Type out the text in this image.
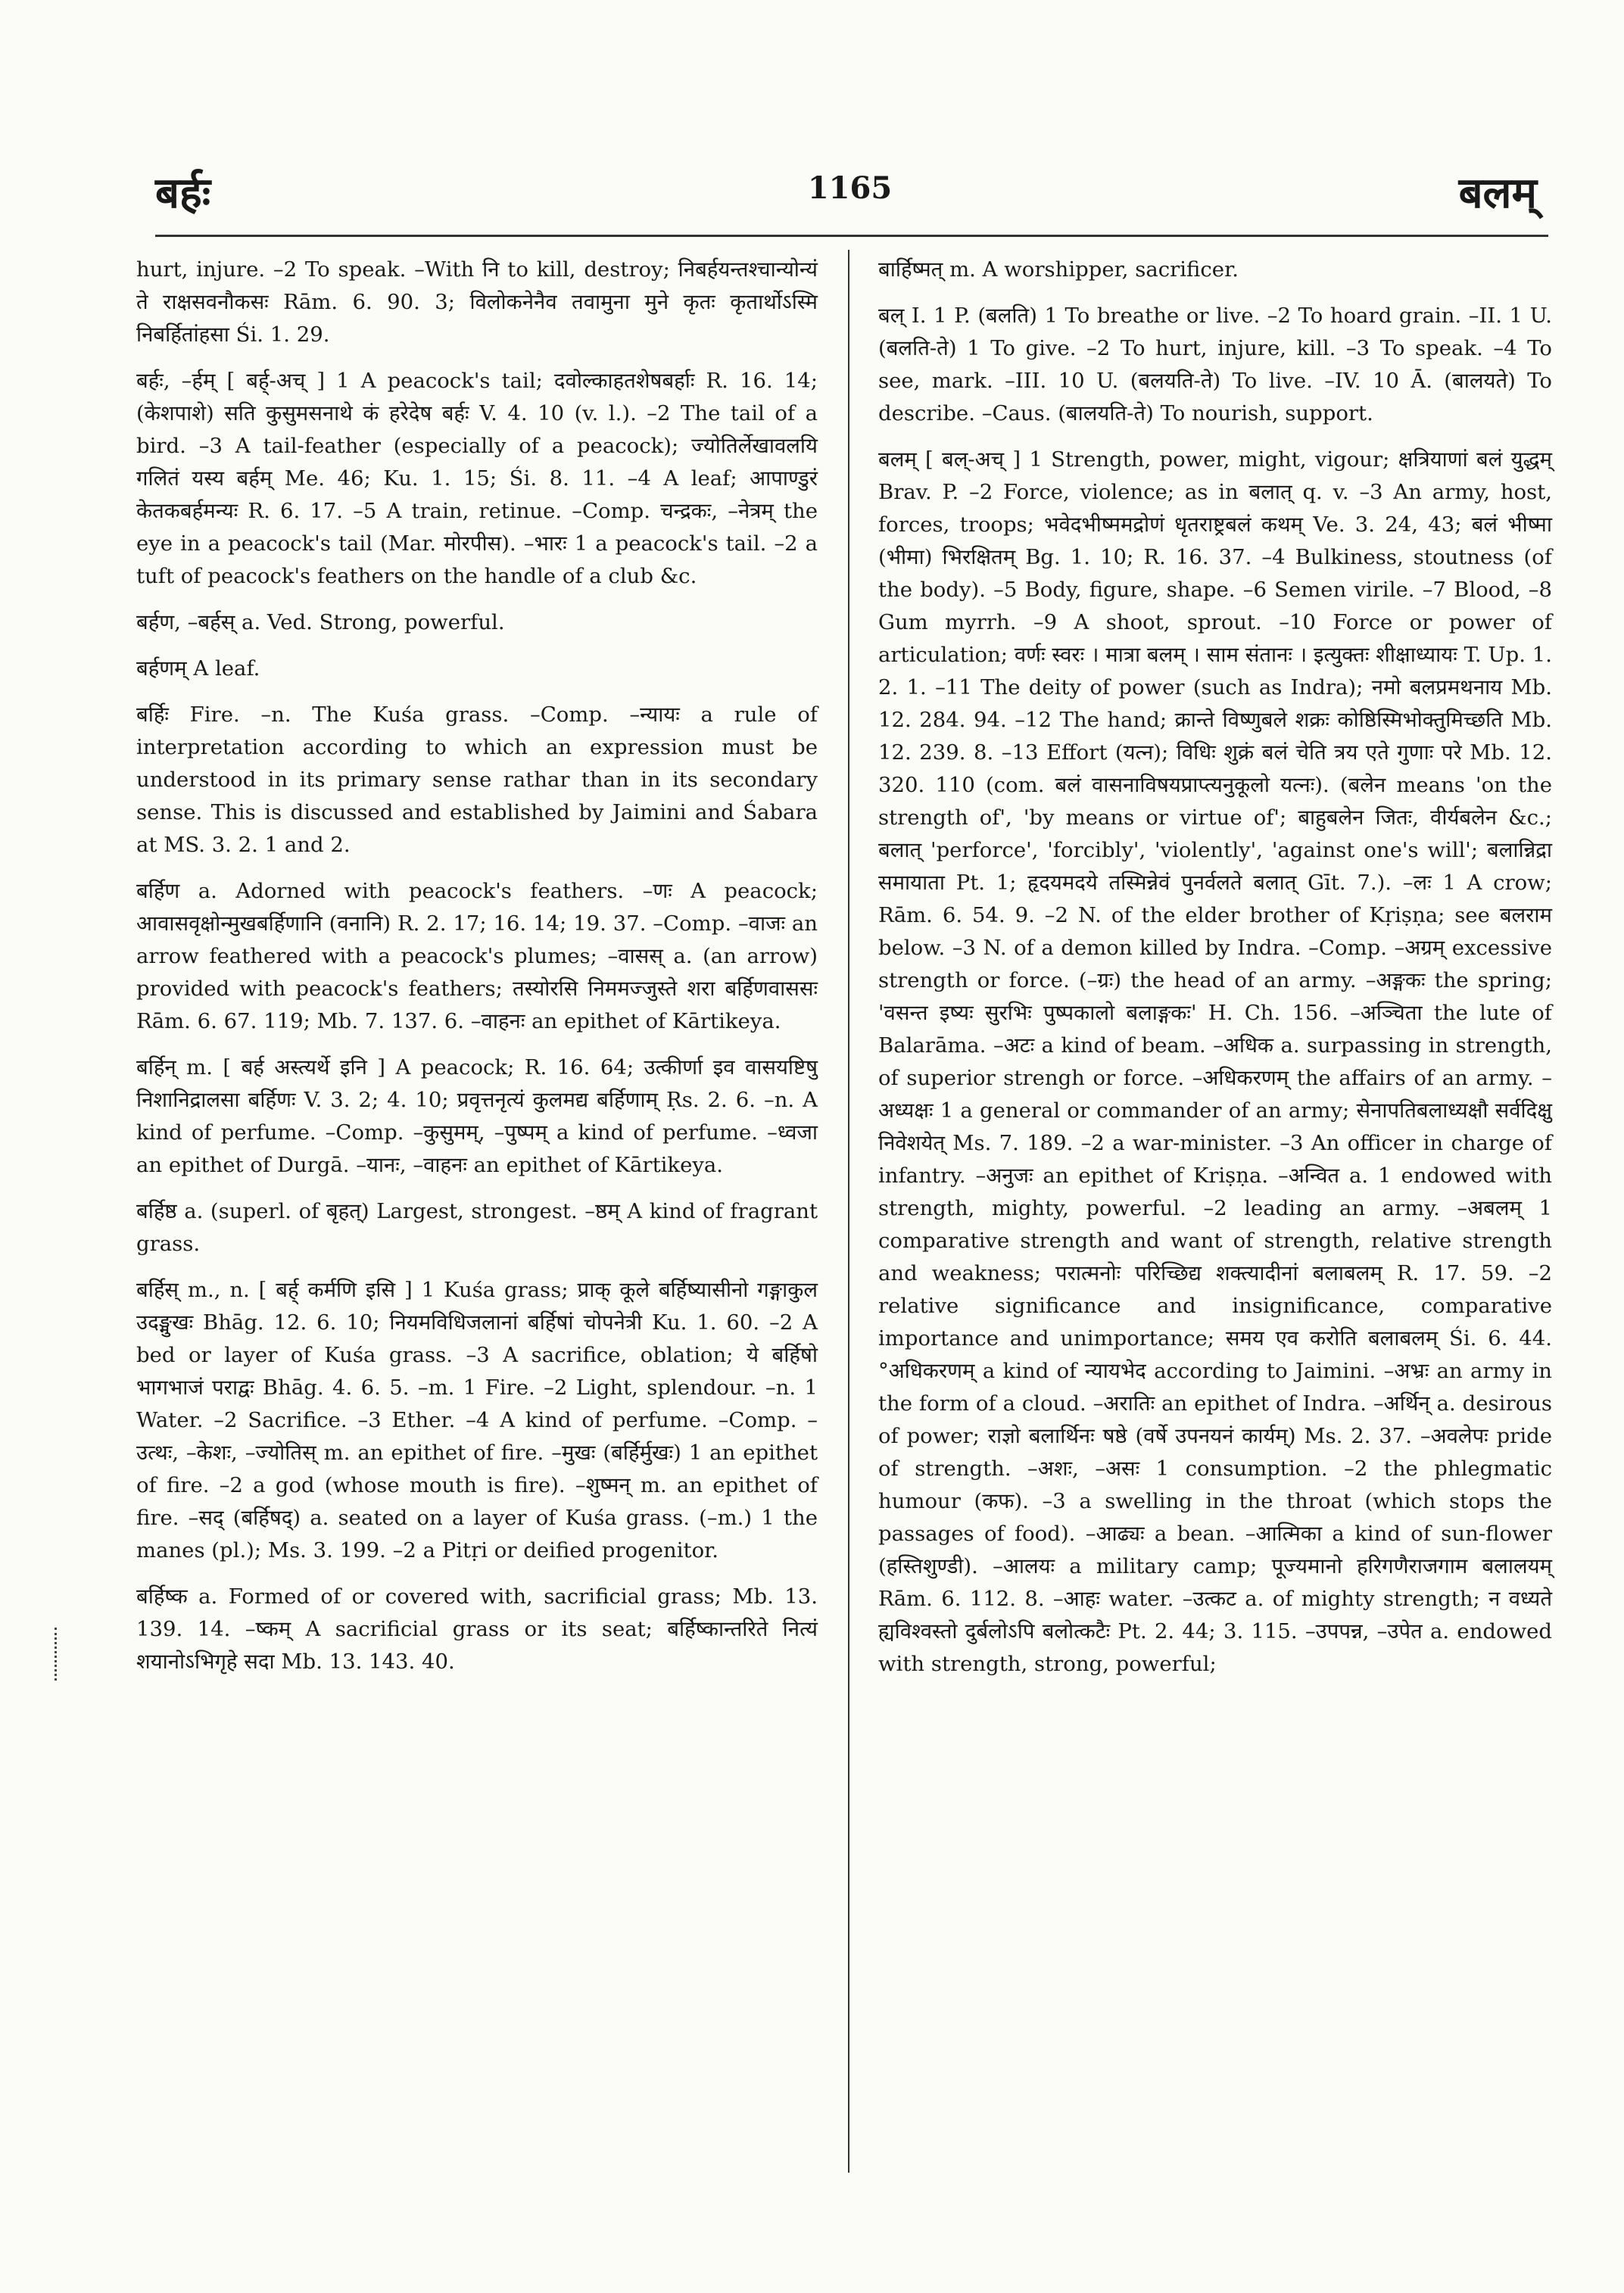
बर्हः	1165	बलम्

hurt, injure. –2 To speak. –With नि to kill, destroy; निबर्हयन्तश्चान्योन्यं ते राक्षसवनौकसः Rām. 6. 90. 3; विलोकनेनैव तवामुना मुने कृतः कृतार्थोऽस्मि निबर्हितांहसा Śi. 1. 29.

बर्हः, –र्हम् [ बर्ह्-अच् ] 1 A peacock's tail; दवोल्काहतशेषबर्हाः R. 16. 14; (केशपाशे) सति कुसुमसनाथे कं हरेदेष बर्हः V. 4. 10 (v. l.). –2 The tail of a bird. –3 A tail-feather (especially of a peacock); ज्योतिर्लेखावलयि गलितं यस्य बर्हम् Me. 46; Ku. 1. 15; Śi. 8. 11. –4 A leaf; आपाण्डुरं केतकबर्हमन्यः R. 6. 17. –5 A train, retinue. –Comp. चन्द्रकः, –नेत्रम् the eye in a peacock's tail (Mar. मोरपीस). –भारः 1 a peacock's tail. –2 a tuft of peacock's feathers on the handle of a club &c.

बर्हण, –बर्हस् a. Ved. Strong, powerful.

बर्हणम् A leaf.

बर्हिः Fire. –n. The Kuśa grass. –Comp. –न्यायः a rule of interpretation according to which an expression must be understood in its primary sense rathar than in its secondary sense. This is discussed and established by Jaimini and Śabara at MS. 3. 2. 1 and 2.

बर्हिण a. Adorned with peacock's feathers. –णः A peacock; आवासवृक्षोन्मुखबर्हिणानि (वनानि) R. 2. 17; 16. 14; 19. 37. –Comp. –वाजः an arrow feathered with a peacock's plumes; –वासस् a. (an arrow) provided with peacock's feathers; तस्योरसि निममज्जुस्ते शरा बर्हिणवाससः Rām. 6. 67. 119; Mb. 7. 137. 6. –वाहनः an epithet of Kārtikeya.

बर्हिन् m. [ बर्ह अस्त्यर्थे इनि ] A peacock; R. 16. 64; उत्कीर्णा इव वासयष्टिषु निशानिद्रालसा बर्हिणः V. 3. 2; 4. 10; प्रवृत्तनृत्यं कुलमद्य बर्हिणाम् Ṛs. 2. 6. –n. A kind of perfume. –Comp. –कुसुमम्, –पुष्पम् a kind of perfume. –ध्वजा an epithet of Durgā. –यानः, –वाहनः an epithet of Kārtikeya.

बर्हिष्ठ a. (superl. of बृहत्) Largest, strongest. –ष्ठम् A kind of fragrant grass.

बर्हिस् m., n. [ बर्ह् कर्मणि इसि ] 1 Kuśa grass; प्राक् कूले बर्हिष्यासीनो गङ्गाकुल उदङ्मुखः Bhāg. 12. 6. 10; नियमविधिजलानां बर्हिषां चोपनेत्री Ku. 1. 60. –2 A bed or layer of Kuśa grass. –3 A sacrifice, oblation; ये बर्हिषो भागभाजं पराद्वः Bhāg. 4. 6. 5. –m. 1 Fire. –2 Light, splendour. –n. 1 Water. –2 Sacrifice. –3 Ether. –4 A kind of perfume. –Comp. –उत्थः, –केशः, –ज्योतिस् m. an epithet of fire. –मुखः (बर्हिर्मुखः) 1 an epithet of fire. –2 a god (whose mouth is fire). –शुष्मन् m. an epithet of fire. –सद् (बर्हिषद्) a. seated on a layer of Kuśa grass. (–m.) 1 the manes (pl.); Ms. 3. 199. –2 a Pitṛi or deified progenitor.

बर्हिष्क a. Formed of or covered with, sacrificial grass; Mb. 13. 139. 14. –ष्कम् A sacrificial grass or its seat; बर्हिष्कान्तरिते नित्यं शयानोऽभिगृहे सदा Mb. 13. 143. 40.

बार्हिष्मत् m. A worshipper, sacrificer.

बल् I. 1 P. (बलति) 1 To breathe or live. –2 To hoard grain. –II. 1 U. (बलति-ते) 1 To give. –2 To hurt, injure, kill. –3 To speak. –4 To see, mark. –III. 10 U. (बलयति-ते) To live. –IV. 10 Ā. (बालयते) To describe. –Caus. (बालयति-ते) To nourish, support.

बलम् [ बल्-अच् ] 1 Strength, power, might, vigour; क्षत्रियाणां बलं युद्धम् Brav. P. –2 Force, violence; as in बलात् q. v. –3 An army, host, forces, troops; भवेदभीष्ममद्रोणं धृतराष्ट्रबलं कथम् Ve. 3. 24, 43; बलं भीष्मा (भीमा) भिरक्षितम् Bg. 1. 10; R. 16. 37. –4 Bulkiness, stoutness (of the body). –5 Body, figure, shape. –6 Semen virile. –7 Blood, –8 Gum myrrh. –9 A shoot, sprout. –10 Force or power of articulation; वर्णः स्वरः । मात्रा बलम् । साम संतानः । इत्युक्तः शीक्षाध्यायः T. Up. 1. 2. 1. –11 The deity of power (such as Indra); नमो बलप्रमथनाय Mb. 12. 284. 94. –12 The hand; क्रान्ते विष्णुबले शक्रः कोष्ठिस्मिभोक्तुमिच्छति Mb. 12. 239. 8. –13 Effort (यत्न); विधिः शुक्रं बलं चेति त्रय एते गुणाः परे Mb. 12. 320. 110 (com. बलं वासनाविषयप्राप्त्यनुकूलो यत्नः). (बलेन means 'on the strength of', 'by means or virtue of'; बाहुबलेन जितः, वीर्यबलेन &c.; बलात् 'perforce', 'forcibly', 'violently', 'against one's will'; बलान्निद्रा समायाता Pt. 1; हृदयमदये तस्मिन्नेवं पुनर्वलते बलात् Gīt. 7.). –लः 1 A crow; Rām. 6. 54. 9. –2 N. of the elder brother of Kṛiṣṇa; see बलराम below. –3 N. of a demon killed by Indra. –Comp. –अग्रम् excessive strength or force. (–ग्रः) the head of an army. –अङ्गकः the spring; 'वसन्त इष्यः सुरभिः पुष्पकालो बलाङ्गकः' H. Ch. 156. –अञ्चिता the lute of Balarāma. –अटः a kind of beam. –अधिक a. surpassing in strength, of superior strengh or force. –अधिकरणम् the affairs of an army. –अध्यक्षः 1 a general or commander of an army; सेनापतिबलाध्यक्षौ सर्वदिक्षु निवेशयेत् Ms. 7. 189. –2 a war-minister. –3 An officer in charge of infantry. –अनुजः an epithet of Kriṣṇa. –अन्वित a. 1 endowed with strength, mighty, powerful. –2 leading an army. –अबलम् 1 comparative strength and want of strength, relative strength and weakness; परात्मनोः परिच्छिद्य शक्त्यादीनां बलाबलम् R. 17. 59. –2 relative significance and insignificance, comparative importance and unimportance; समय एव करोति बलाबलम् Śi. 6. 44. °अधिकरणम् a kind of न्यायभेद according to Jaimini. –अभ्रः an army in the form of a cloud. –अरातिः an epithet of Indra. –अर्थिन् a. desirous of power; राज्ञो बलार्थिनः षष्ठे (वर्षे उपनयनं कार्यम्) Ms. 2. 37. –अवलेपः pride of strength. –अशः, –असः 1 consumption. –2 the phlegmatic humour (कफ). –3 a swelling in the throat (which stops the passages of food). –आढ्यः a bean. –आत्मिका a kind of sun-flower (हस्तिशुण्डी). –आलयः a military camp; पूज्यमानो हरिगणैराजगाम बलालयम् Rām. 6. 112. 8. –आहः water. –उत्कट a. of mighty strength; न वध्यते ह्यविश्वस्तो दुर्बलोऽपि बलोत्कटैः Pt. 2. 44; 3. 115. –उपपन्न, –उपेत a. endowed with strength, strong, powerful;
